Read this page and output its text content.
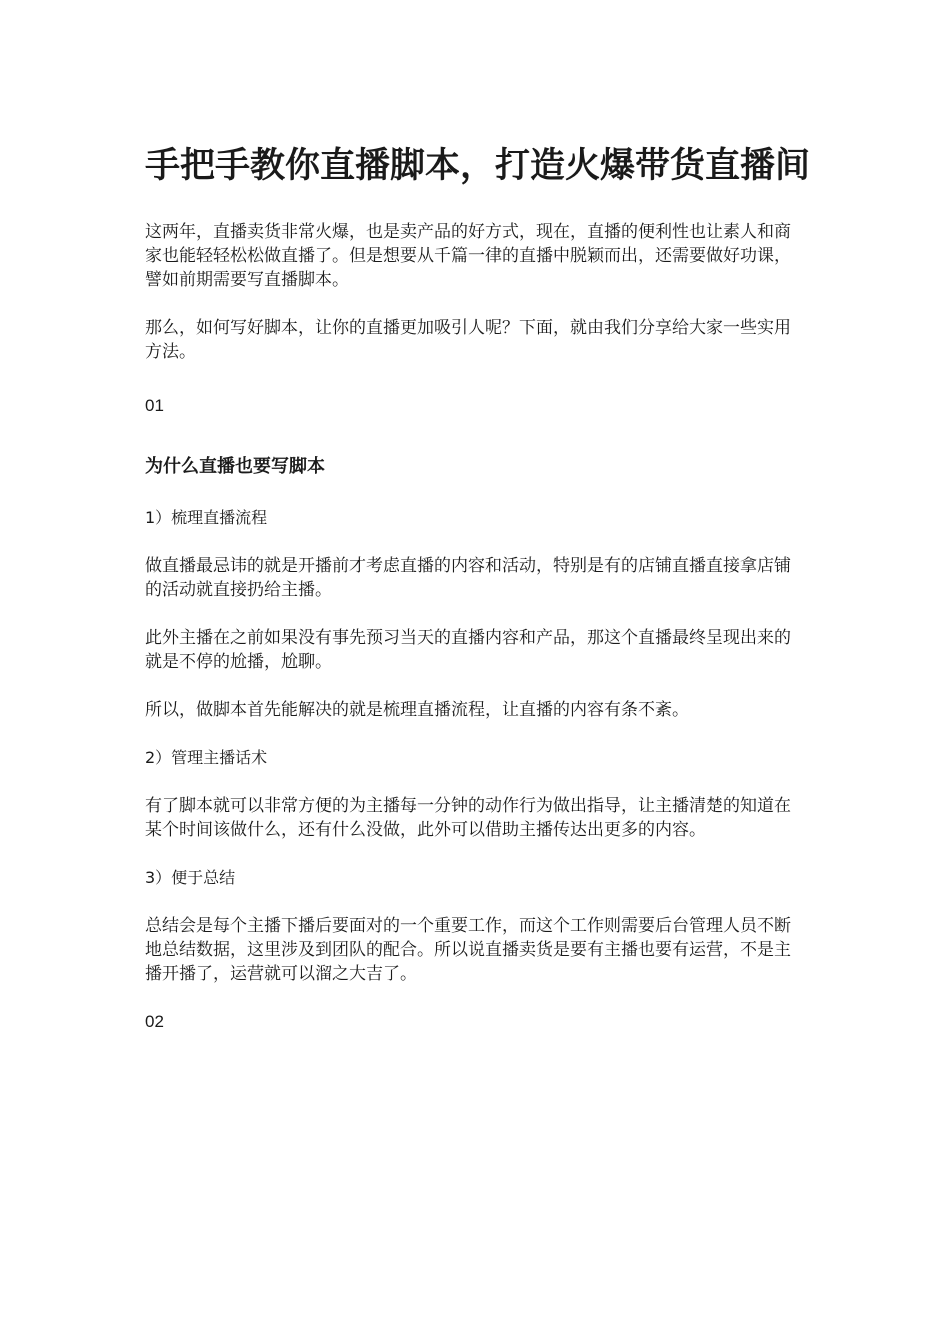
手把手教你直播脚本，打造火爆带货直播间

这两年，直播卖货非常火爆，也是卖产品的好方式，现在，直播的便利性也让素人和商家也能轻轻松松做直播了。但是想要从千篇一律的直播中脱颖而出，还需要做好功课，譬如前期需要写直播脚本。

那么，如何写好脚本，让你的直播更加吸引人呢？下面，就由我们分享给大家一些实用方法。

01
为什么直播也要写脚本
1）梳理直播流程

做直播最忌讳的就是开播前才考虑直播的内容和活动，特别是有的店铺直播直接拿店铺的活动就直接扔给主播。

此外主播在之前如果没有事先预习当天的直播内容和产品，那这个直播最终呈现出来的就是不停的尬播，尬聊。

所以，做脚本首先能解决的就是梳理直播流程，让直播的内容有条不紊。

2）管理主播话术

有了脚本就可以非常方便的为主播每一分钟的动作行为做出指导，让主播清楚的知道在某个时间该做什么，还有什么没做，此外可以借助主播传达出更多的内容。

3）便于总结

总结会是每个主播下播后要面对的一个重要工作，而这个工作则需要后台管理人员不断地总结数据，这里涉及到团队的配合。所以说直播卖货是要有主播也要有运营，不是主播开播了，运营就可以溜之大吉了。

02
